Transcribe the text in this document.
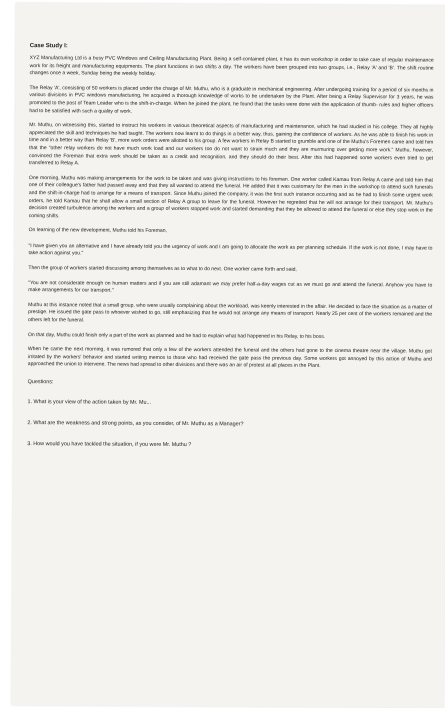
Case Study I:

XYZ Manufacturing Ltd is a busy PVC Windows and Ceiling Manufacturing Plant. Being a self-contained plant, it has its own workshop in order to take care of regular maintenance work for its freight and manufacturing equipments. The plant functions in two shifts a day. The workers have been grouped into two groups, i.e., Relay 'A' and 'B'. The shift routine changes once a week, Sunday being the weekly holiday.

The Relay 'A', consisting of 50 workers is placed under the charge of Mr. Muthu, who is a graduate in mechanical engineering. After undergoing training for a period of six months in various divisions in PVC windows manufacturing, he acquired a thorough knowledge of works to be undertaken by the Plant. After being a Relay Supervisor for 3 years, he was promoted to the post of Team Leader who is the shift-in-charge. When he joined the plant, he found that the tasks were done with the application of thumb- rules and higher officers had to be satisfied with such a quality of work.

Mr. Muthu, on witnessing this, started to instruct his workers in various theoretical aspects of manufacturing and maintenance, which he had studied in his college. They all highly appreciated the skill and techniques he had taught. The workers now learnt to do things in a better way, thus, gaining the confidence of workers. As he was able to finish his work in time and in a better way than Relay 'B', more work orders were allotted to his group. A few workers in Relay B started to grumble and one of the Muthu's Foremen came and told him that the "other relay workers do not have much work load and our workers too do not want to strain much and they are murmuring over getting more work." Muthu, however, convinced the Foreman that extra work should be taken as a credit and recognition, and they should do their best. After this had happened some workers even tried to get transferred to Relay A.

One morning, Muthu was making arrangements for the work to be taken and was giving instructions to his foreman. One worker called Kamau from Relay A came and told him that one of their colleague's father had passed away and that they all wanted to attend the funeral. He added that it was customary for the men in the workshop to attend such funerals and the shift-in-charge had to arrange for a means of transport. Since Muthu joined the company, it was the first such instance occurring and as he had to finish some urgent work orders, he told Kamau that he shall allow a small section of Relay A group to leave for the funeral. However he regretted that he will not arrange for their transport. Mr. Muthu's decision created turbulence among the workers and a group of workers stopped work and started demanding that they be allowed to attend the funeral or else they stop work in the coming shifts.

On learning of the new development, Muthu told his Foreman,

"I have given you an alternative and I have already told you the urgency of work and I am going to allocate the work as per planning schedule. If the work is not done, I may have to take action against you."

Then the group of workers started discussing among themselves as to what to do next. One worker came forth and said,

"You are not considerate enough on human matters and if you are still adamant we may prefer half-a-day wages cut as we must go and attend the funeral. Anyhow you have to make arrangements for our transport."

Muthu at this instance noted that a small group, who were usually complaining about the workload, was keenly interested in the affair. He decided to face the situation as a matter of prestige. He issued the gate pass to whoever wished to go, still emphasizing that he would not arrange any means of transport. Nearly 25 per cent of the workers remained and the others left for the funeral.

On that day, Muthu could finish only a part of the work as planned and he had to explain what had happened in his Relay, to his boss.

When he came the next morning, it was rumored that only a few of the workers attended the funeral and the others had gone to the cinema theatre near the village. Muthu got irritated by the workers' behavior and started writing memos to those who had received the gate pass the previous day. Some workers got annoyed by this action of Muthu and approached the union to intervene. The news had spread to other divisions and there was an air of protest at all places in the Plant.

Questions:
1. What is your view of the action taken by Mr. Mu...
2. What are the weakness and strong points, as you consider, of Mr. Muthu as a Manager?
3. How would you have tackled the situation, if you were Mr. Muthu ?
